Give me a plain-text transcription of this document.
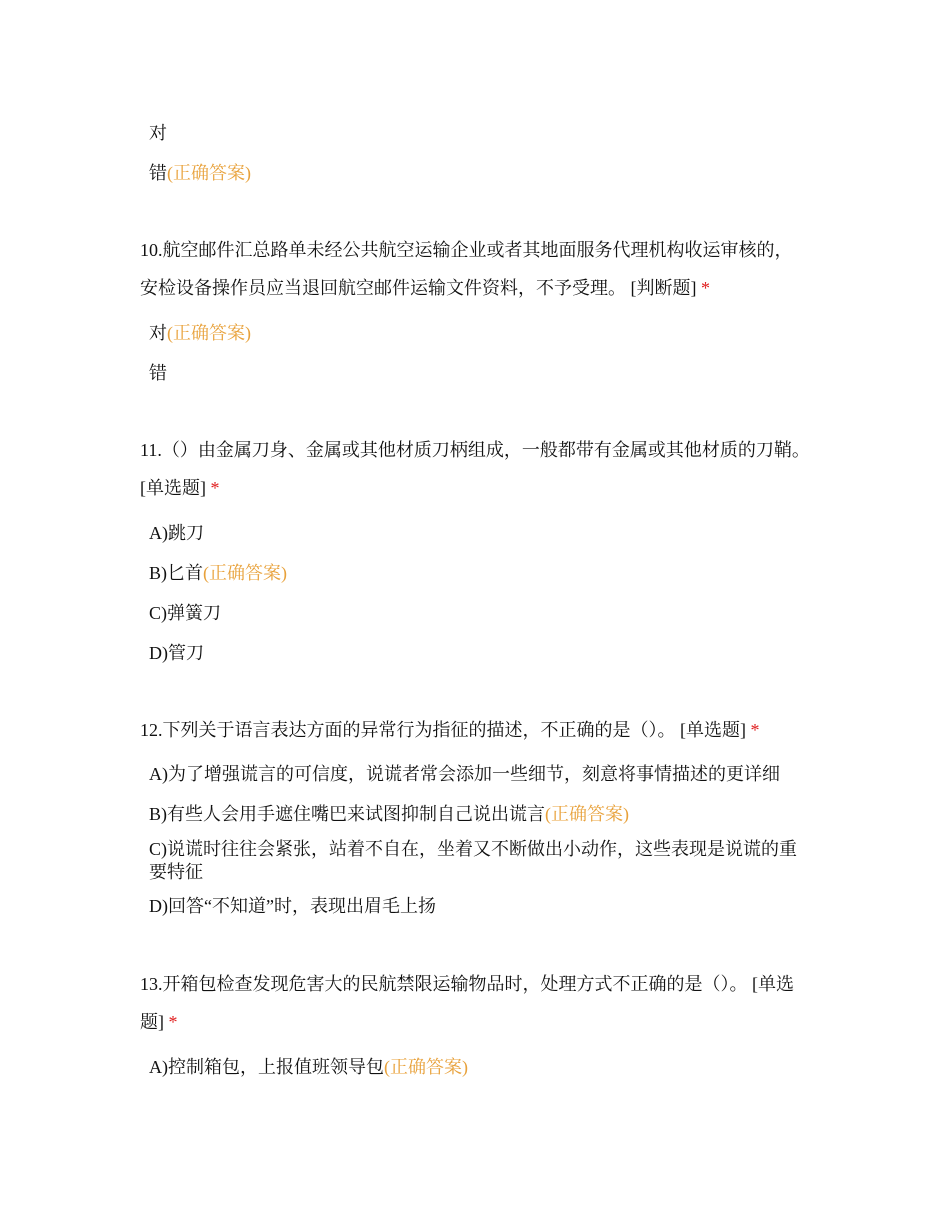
对
错(正确答案)
10.航空邮件汇总路单未经公共航空运输企业或者其地面服务代理机构收运审核的，安检设备操作员应当退回航空邮件运输文件资料，不予受理。 [判断题] *
对(正确答案)
错
11.（）由金属刀身、金属或其他材质刀柄组成，一般都带有金属或其他材质的刀鞘。 [单选题] *
A)跳刀
B)匕首(正确答案)
C)弹簧刀
D)管刀
12.下列关于语言表达方面的异常行为指征的描述，不正确的是（）。 [单选题] *
A)为了增强谎言的可信度，说谎者常会添加一些细节，刻意将事情描述的更详细
B)有些人会用手遮住嘴巴来试图抑制自己说出谎言(正确答案)
C)说谎时往往会紧张，站着不自在，坐着又不断做出小动作，这些表现是说谎的重要特征
D)回答“不知道”时，表现出眉毛上扬
13.开箱包检查发现危害大的民航禁限运输物品时，处理方式不正确的是（）。 [单选题] *
A)控制箱包，上报值班领导包(正确答案)
